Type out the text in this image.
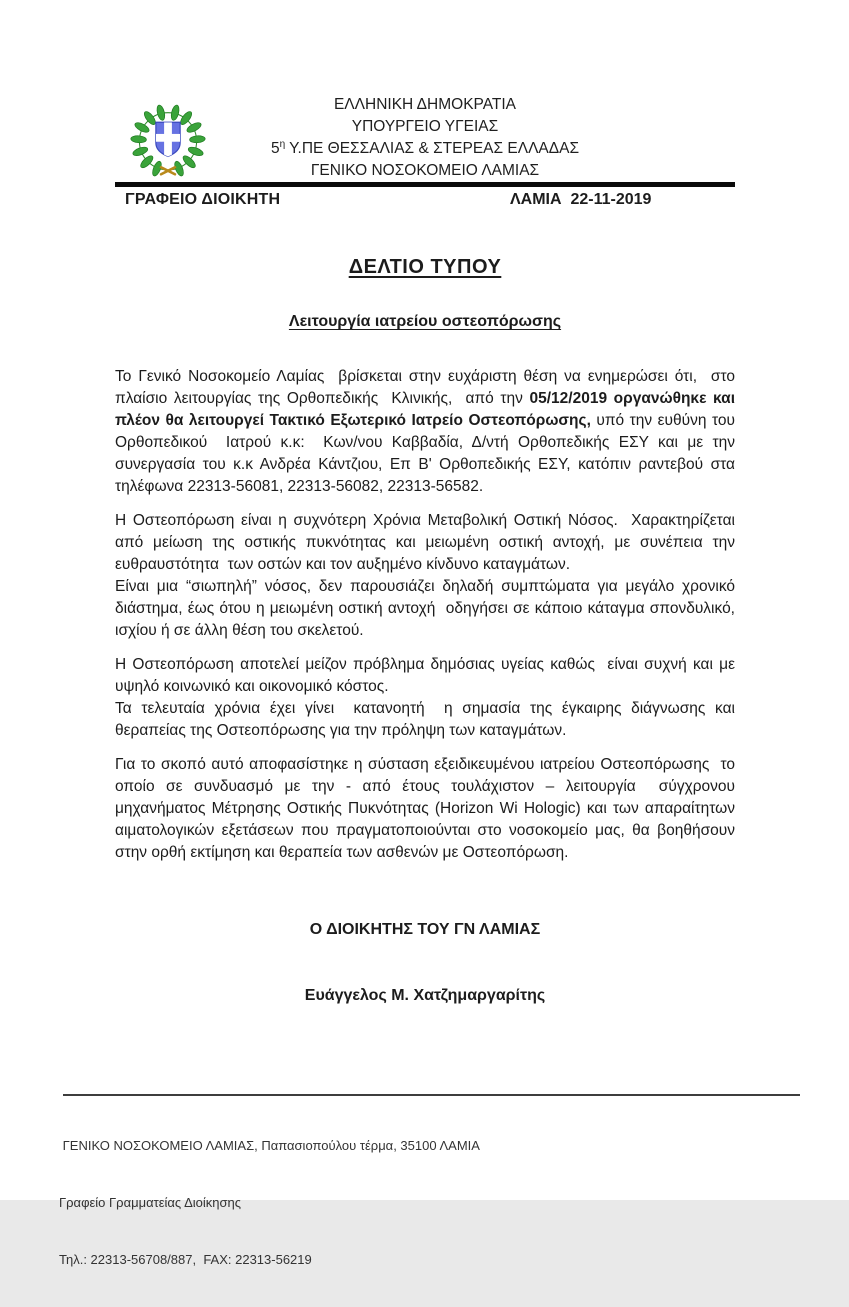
ΕΛΛΗΝΙΚΗ ΔΗΜΟΚΡΑΤΙΑ
ΥΠΟΥΡΓΕΙΟ ΥΓΕΙΑΣ
$5^\eta$ Υ.ΠΕ ΘΕΣΣΑΛΙΑΣ & ΣΤΕΡΕΑΣ ΕΛΛΑΔΑΣ
ΓΕΝΙΚΟ ΝΟΣΟΚΟΜΕΙΟ ΛΑΜΙΑΣ
ΓΡΑΦΕΙΟ ΔΙΟΙΚΗΤΗ	ΛΑΜΙΑ  22-11-2019
ΔΕΛΤΙΟ ΤΥΠΟΥ
Λειτουργία ιατρείου οστεοπόρωσης

Το Γενικό Νοσοκομείο Λαμίας  βρίσκεται στην ευχάριστη θέση να ενημερώσει ότι,  στο πλαίσιο λειτουργίας της Ορθοπεδικής  Κλινικής,  από την 05/12/2019 οργανώθηκε και πλέον θα λειτουργεί Τακτικό Εξωτερικό Ιατρείο Οστεοπόρωσης, υπό την ευθύνη του Ορθοπεδικού  Ιατρού κ.κ:  Κων/νου Καββαδία, Δ/ντή Ορθοπεδικής ΕΣΥ και με την συνεργασία του κ.κ Ανδρέα Κάντζιου, Επ Β' Ορθοπεδικής ΕΣΥ, κατόπιν ραντεβού στα τηλέφωνα 22313-56081, 22313-56082, 22313-56582.

Η Οστεοπόρωση είναι η συχνότερη Χρόνια Μεταβολική Οστική Νόσος.  Χαρακτηρίζεται από μείωση της οστικής πυκνότητας και μειωμένη οστική αντοχή, με συνέπεια την ευθραυστότητα  των οστών και τον αυξημένο κίνδυνο καταγμάτων.
Είναι μια “σιωπηλή” νόσος, δεν παρουσιάζει δηλαδή συμπτώματα για μεγάλο χρονικό διάστημα, έως ότου η μειωμένη οστική αντοχή  οδηγήσει σε κάποιο κάταγμα σπονδυλικό, ισχίου ή σε άλλη θέση του σκελετού.

Η Οστεοπόρωση αποτελεί μείζον πρόβλημα δημόσιας υγείας καθώς  είναι συχνή και με υψηλό κοινωνικό και οικονομικό κόστος.
Τα τελευταία χρόνια έχει γίνει  κατανοητή  η σημασία της έγκαιρης διάγνωσης και θεραπείας της Οστεοπόρωσης για την πρόληψη των καταγμάτων.

Για το σκοπό αυτό αποφασίστηκε η σύσταση εξειδικευμένου ιατρείου Οστεοπόρωσης  το οποίο σε συνδυασμό με την - από έτους τουλάχιστον – λειτουργία  σύγχρονου μηχανήματος Μέτρησης Οστικής Πυκνότητας (Horizon Wi Hologic) και των απαραίτητων αιματολογικών εξετάσεων που πραγματοποιούνται στο νοσοκομείο μας, θα βοηθήσουν στην ορθή εκτίμηση και θεραπεία των ασθενών με Οστεοπόρωση.

Ο ΔΙΟΙΚΗΤΗΣ ΤΟΥ ΓΝ ΛΑΜΙΑΣ
Ευάγγελος Μ. Χατζημαργαρίτης

ΓΕΝΙΚΟ ΝΟΣΟΚΟΜΕΙΟ ΛΑΜΙΑΣ, Παπασιοπούλου τέρμα, 35100 ΛΑΜΙΑ

Γραφείο Γραμματείας Διοίκησης

Τηλ.: 22313-56708/887,  FAX: 22313-56219
